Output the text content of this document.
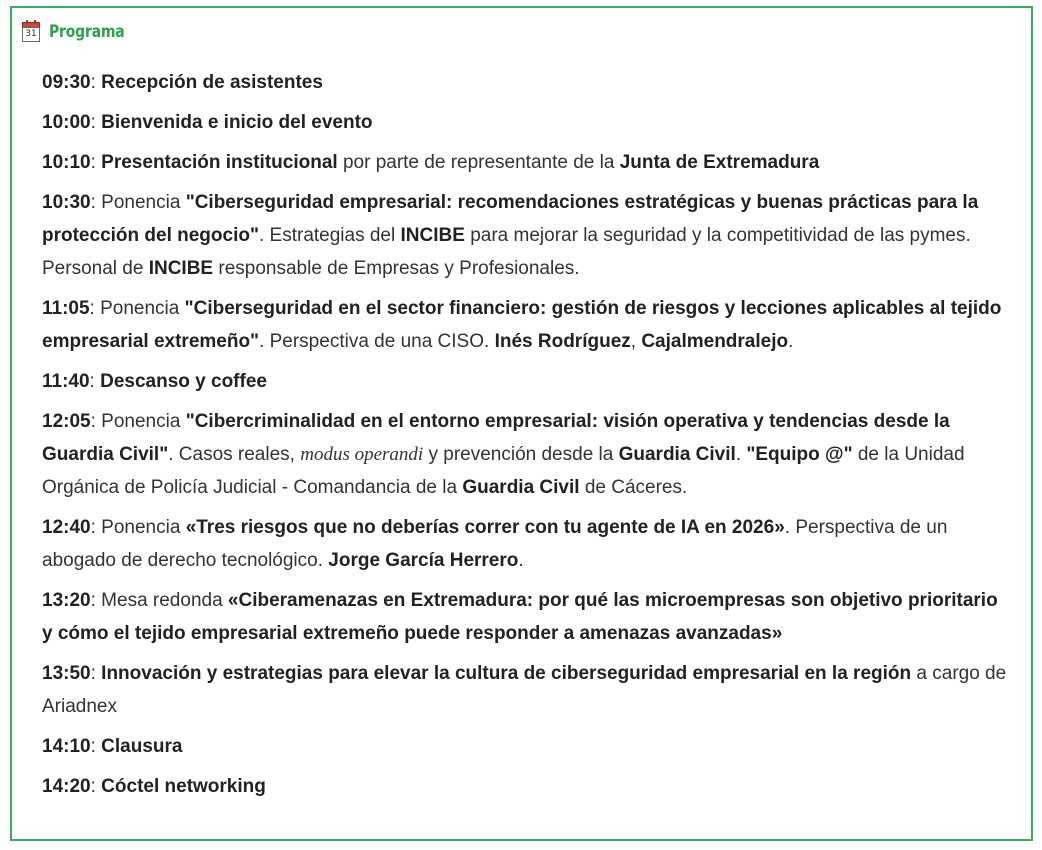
31 Programa
09:30: Recepción de asistentes
10:00: Bienvenida e inicio del evento
10:10: Presentación institucional por parte de representante de la Junta de Extremadura
10:30: Ponencia "Ciberseguridad empresarial: recomendaciones estratégicas y buenas prácticas para la protección del negocio". Estrategias del INCIBE para mejorar la seguridad y la competitividad de las pymes. Personal de INCIBE responsable de Empresas y Profesionales.
11:05: Ponencia "Ciberseguridad en el sector financiero: gestión de riesgos y lecciones aplicables al tejido empresarial extremeño". Perspectiva de una CISO. Inés Rodríguez, Cajalmendralejo.
11:40: Descanso y coffee
12:05: Ponencia "Cibercriminalidad en el entorno empresarial: visión operativa y tendencias desde la Guardia Civil". Casos reales, modus operandi y prevención desde la Guardia Civil. "Equipo @" de la Unidad Orgánica de Policía Judicial - Comandancia de la Guardia Civil de Cáceres.
12:40: Ponencia «Tres riesgos que no deberías correr con tu agente de IA en 2026». Perspectiva de un abogado de derecho tecnológico. Jorge García Herrero.
13:20: Mesa redonda «Ciberamenazas en Extremadura: por qué las microempresas son objetivo prioritario y cómo el tejido empresarial extremeño puede responder a amenazas avanzadas»
13:50: Innovación y estrategias para elevar la cultura de ciberseguridad empresarial en la región a cargo de Ariadnex
14:10: Clausura
14:20: Cóctel networking
